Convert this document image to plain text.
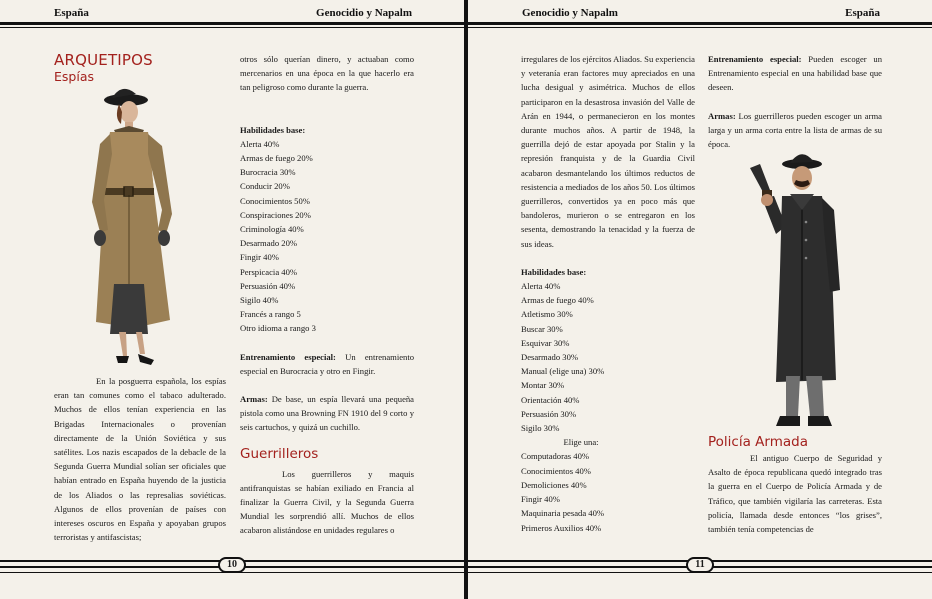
España	Genocidio y Napalm
ARQUETIPOS
Espías
En la posguerra española, los espías eran tan comunes como el tabaco adulterado. Muchos de ellos tenían experiencia en las Brigadas Internacionales o provenían directamente de la Unión Soviética y sus satélites. Los nazis escapados de la debacle de la Segunda Guerra Mundial solían ser oficiales que habían entrado en España huyendo de la justicia de los Aliados o las represalias soviéticas. Algunos de ellos provenían de países con intereses oscuros en España y apoyaban grupos terroristas y antifascistas;
otros sólo querían dinero, y actuaban como mercenarios en una época en la que hacerlo era tan peligroso como durante la guerra.
Habilidades base:
Alerta 40%
Armas de fuego 20%
Burocracia 30%
Conducir 20%
Conocimientos 50%
Conspiraciones 20%
Criminología 40%
Desarmado 20%
Fingir 40%
Perspicacia 40%
Persuasión 40%
Sigilo 40%
Francés a rango 5
Otro idioma a rango 3
Entrenamiento especial: Un entrenamiento especial en Burocracia y otro en Fingir.
Armas: De base, un espía llevará una pequeña pistola como una Browning FN 1910 del 9 corto y seis cartuchos, y quizá un cuchillo.
Guerrilleros
Los guerrilleros y maquis antifranquistas se habían exiliado en Francia al finalizar la Guerra Civil, y la Segunda Guerra Mundial les sorprendió allí. Muchos de ellos acabaron alistándose en unidades regulares o
10
Genocidio y Napalm	España
irregulares de los ejércitos Aliados. Su experiencia y veteranía eran factores muy apreciados en una lucha desigual y asimétrica. Muchos de ellos participaron en la desastrosa invasión del Valle de Arán en 1944, o permanecieron en los montes durante muchos años. A partir de 1948, la guerrilla dejó de estar apoyada por Stalin y la represión franquista y de la Guardia Civil acabaron desmantelando los últimos reductos de resistencia a mediados de los años 50. Los últimos guerrilleros, convertidos ya en poco más que bandoleros, murieron o se entregaron en los sesenta, demostrando la tenacidad y la fuerza de sus ideas.
Habilidades base:
Alerta 40%
Armas de fuego 40%
Atletismo 30%
Buscar 30%
Esquivar 30%
Desarmado 30%
Manual (elige una) 30%
Montar 30%
Orientación 40%
Persuasión 30%
Sigilo 30%
Elige una:
Computadoras 40%
Conocimientos 40%
Demoliciones 40%
Fingir 40%
Maquinaria pesada 40%
Primeros Auxilios 40%
Entrenamiento especial: Pueden escoger un Entrenamiento especial en una habilidad base que deseen.
Armas: Los guerrilleros pueden escoger un arma larga y un arma corta entre la lista de armas de su época.
Policía Armada
El antiguo Cuerpo de Seguridad y Asalto de época republicana quedó integrado tras la guerra en el Cuerpo de Policía Armada y de Tráfico, que también vigilaría las carreteras. Esta policía, llamada desde entonces “los grises”, también tenía competencias de
11
